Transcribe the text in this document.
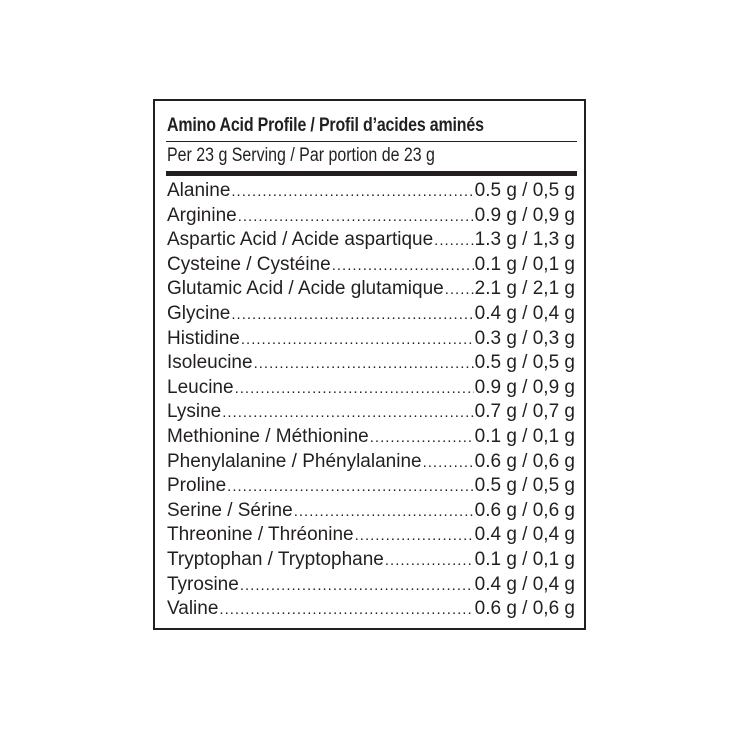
Amino Acid Profile / Profil d’acides aminés
Per 23 g Serving / Par portion de 23 g
Alanine .....	0.5 g / 0,5 g
Arginine .....	0.9 g / 0,9 g
Aspartic Acid / Acide aspartique ..... 1.3 g / 1,3 g
Cysteine / Cystéine .....	0.1 g / 0,1 g
Glutamic Acid / Acide glutamique ..... 2.1 g / 2,1 g
Glycine .....	0.4 g / 0,4 g
Histidine .....	0.3 g / 0,3 g
Isoleucine .....	0.5 g / 0,5 g
Leucine .....	0.9 g / 0,9 g
Lysine .....	0.7 g / 0,7 g
Methionine / Méthionine .....	0.1 g / 0,1 g
Phenylalanine / Phénylalanine .....	0.6 g / 0,6 g
Proline .....	0.5 g / 0,5 g
Serine / Sérine .....	0.6 g / 0,6 g
Threonine / Thréonine .....	0.4 g / 0,4 g
Tryptophan / Tryptophane .....	0.1 g / 0,1 g
Tyrosine .....	0.4 g / 0,4 g
Valine .....	0.6 g / 0,6 g
